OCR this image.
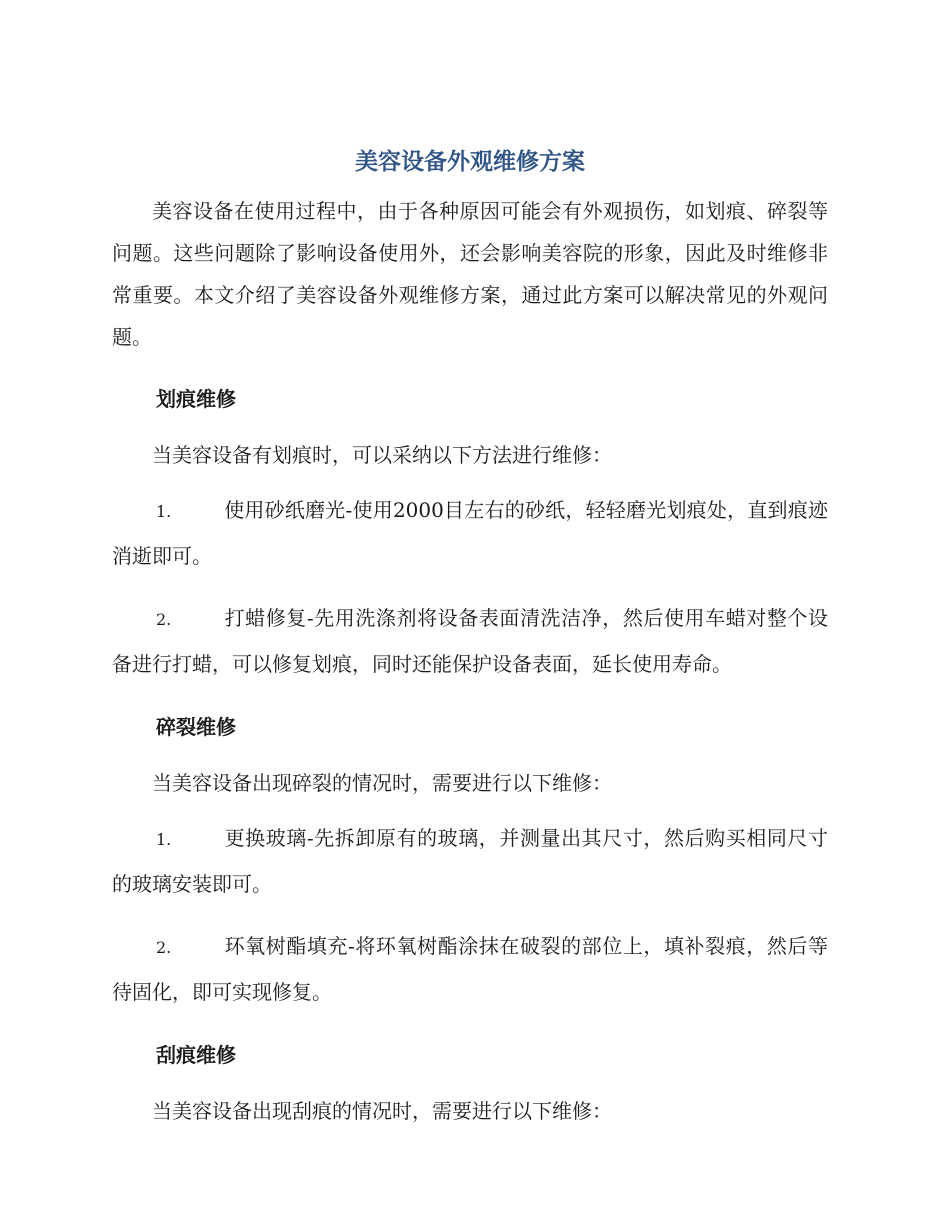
美容设备外观维修方案

美容设备在使用过程中，由于各种原因可能会有外观损伤，如划痕、碎裂等问题。这些问题除了影响设备使用外，还会影响美容院的形象，因此及时维修非常重要。本文介绍了美容设备外观维修方案，通过此方案可以解决常见的外观问题。

划痕维修

当美容设备有划痕时，可以采纳以下方法进行维修：

1.	使用砂纸磨光-使用2000目左右的砂纸，轻轻磨光划痕处，直到痕迹消逝即可。

2.	打蜡修复-先用洗涤剂将设备表面清洗洁净，然后使用车蜡对整个设备进行打蜡，可以修复划痕，同时还能保护设备表面，延长使用寿命。

碎裂维修

当美容设备出现碎裂的情况时，需要进行以下维修：

1.	更换玻璃-先拆卸原有的玻璃，并测量出其尺寸，然后购买相同尺寸的玻璃安装即可。

2.	环氧树酯填充-将环氧树酯涂抹在破裂的部位上，填补裂痕，然后等待固化，即可实现修复。

刮痕维修

当美容设备出现刮痕的情况时，需要进行以下维修：
